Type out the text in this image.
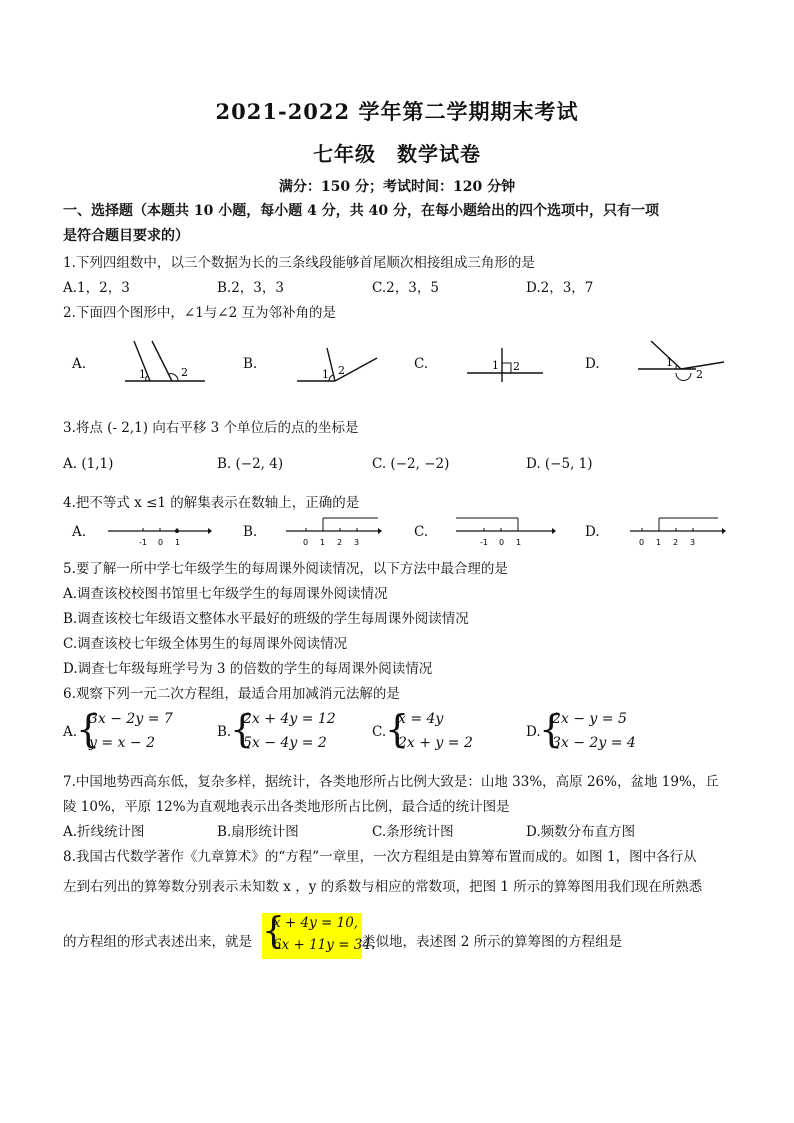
2021-2022 学年第二学期期末考试
七年级　数学试卷
满分：150 分；考试时间：120 分钟
一、选择题（本题共 10 小题，每小题 4 分，共 40 分，在每小题给出的四个选项中，只有一项
是符合题目要求的）
1.下列四组数中，以三个数据为长的三条线段能够首尾顺次相接组成三角形的是
A.1，2，3	B.2，3，3	C.2，3，5	D.2，3，7
2.下面四个图形中，∠1与∠2 互为邻补角的是
A.	B.	C.	D.
1	2	1 2	1 2	1
2
3.将点 (- 2,1) 向右平移 3 个单位后的点的坐标是
A. (1,1)	B. (−2, 4)	C. (−2, −2)	D. (−5, 1)
4.把不等式 x ≤1 的解集表示在数轴上，正确的是
A.	B.	C.	D.
-1 0 1	0 1 2 3	-1 0 1	0 1 2 3
5.要了解一所中学七年级学生的每周课外阅读情况，以下方法中最合理的是
A.调查该校校图书馆里七年级学生的每周课外阅读情况
B.调查该校七年级语文整体水平最好的班级的学生每周课外阅读情况
C.调查该校七年级全体男生的每周课外阅读情况
D.调查七年级每班学号为 3 的倍数的学生的每周课外阅读情况
6.观察下列一元二次方程组，最适合用加减消元法解的是
A.
{
3x − 2y = 7
y = x − 2
B.
{
2x + 4y = 12
5x − 4y = 2
C.
{
x = 4y
2x + y = 2
D.
{
2x − y = 5
3x − 2y = 4
7.中国地势西高东低，复杂多样，据统计，各类地形所占比例大致是：山地 33%，高原 26%，盆地 19%，丘
陵 10%，平原 12%为直观地表示出各类地形所占比例，最合适的统计图是
A.折线统计图	B.扇形统计图	C.条形统计图	D.频数分布直方图
8.我国古代数学著作《九章算术》的“方程”一章里，一次方程组是由算筹布置而成的。如图 1，图中各行从
左到右列出的算筹数分别表示未知数 x ，y 的系数与相应的常数项，把图 1 所示的算筹图用我们现在所熟悉
的方程组的形式表述出来，就是 {
x + 4y = 10,
6x + 11y = 34.
类似地，表述图 2 所示的算筹图的方程组是
